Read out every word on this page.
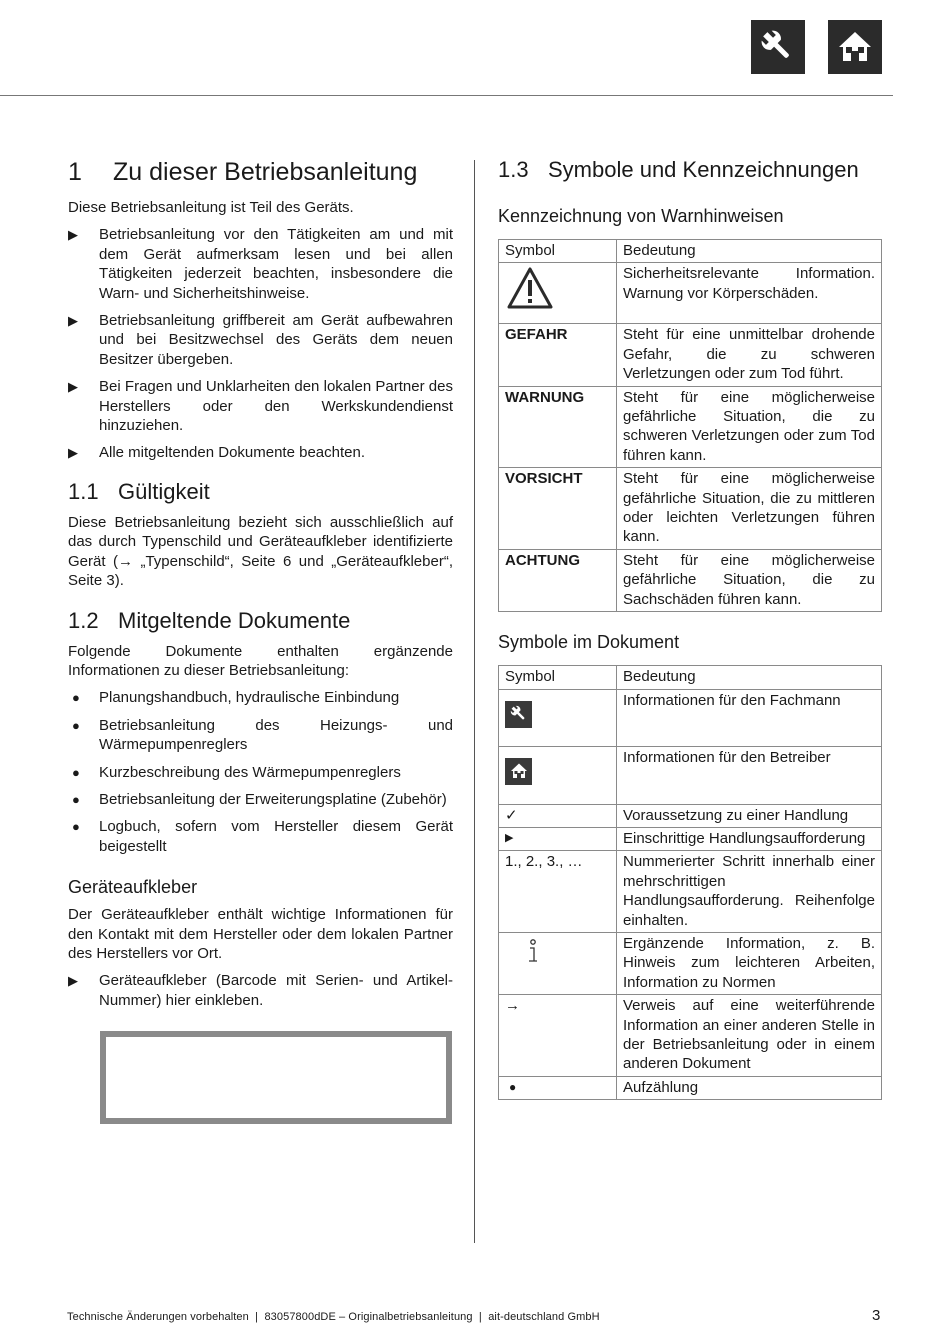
1	Zu dieser Betriebsanleitung

Diese Betriebsanleitung ist Teil des Geräts.

▶ Betriebsanleitung vor den Tätigkeiten am und mit dem Gerät aufmerksam lesen und bei allen Tätigkeiten jederzeit beachten, insbesondere die Warn- und Sicherheitshinweise.
▶ Betriebsanleitung griffbereit am Gerät aufbewahren und bei Besitzwechsel des Geräts dem neuen Besitzer übergeben.
▶ Bei Fragen und Unklarheiten den lokalen Partner des Herstellers oder den Werkskundendienst hinzuziehen.
▶ Alle mitgeltenden Dokumente beachten.
1.1 Gültigkeit

Diese Betriebsanleitung bezieht sich ausschließlich auf das durch Typenschild und Geräteaufkleber identifizierte Gerät (→ „Typenschild“, Seite 6 und „Geräteaufkleber“, Seite 3).

1.2 Mitgeltende Dokumente

Folgende Dokumente enthalten ergänzende Informationen zu dieser Betriebsanleitung:

● Planungshandbuch, hydraulische Einbindung
● Betriebsanleitung des Heizungs- und Wärmepumpenreglers
● Kurzbeschreibung des Wärmepumpenreglers
● Betriebsanleitung der Erweiterungsplatine (Zubehör)
● Logbuch, sofern vom Hersteller diesem Gerät beigestellt
Geräteaufkleber

Der Geräteaufkleber enthält wichtige Informationen für den Kontakt mit dem Hersteller oder dem lokalen Partner des Herstellers vor Ort.

▶ Geräteaufkleber (Barcode mit Serien- und Artikel-Nummer) hier einkleben.
1.3 Symbole und Kennzeichnungen
Kennzeichnung von Warnhinweisen
Symbol	Bedeutung
	Sicherheitsrelevante Information. Warnung vor Körperschäden.
GEFAHR	Steht für eine unmittelbar drohende Gefahr, die zu schweren Verletzungen oder zum Tod führt.
WARNUNG	Steht für eine möglicherweise gefährliche Situation, die zu schweren Verletzungen oder zum Tod führen kann.
VORSICHT	Steht für eine möglicherweise gefährliche Situation, die zu mittleren oder leichten Verletzungen führen kann.
ACHTUNG	Steht für eine möglicherweise gefährliche Situation, die zu Sachschäden führen kann.
Symbole im Dokument
Symbol	Bedeutung

	Informationen für den Fachmann

	Informationen für den Betreiber
✓	Voraussetzung zu einer Handlung
▶	Einschrittige Handlungsaufforderung
1., 2., 3., …	Nummerierter Schritt innerhalb einer mehrschrittigen Handlungsaufforderung. Reihenfolge einhalten.
	Ergänzende Information, z. B. Hinweis zum leichteren Arbeiten, Information zu Normen
→	Verweis auf eine weiterführende Information an einer anderen Stelle in der Betriebsanleitung oder in einem anderen Dokument
●	Aufzählung
Technische Änderungen vorbehalten  |  83057800dDE – Originalbetriebsanleitung  |  ait-deutschland GmbH	3
